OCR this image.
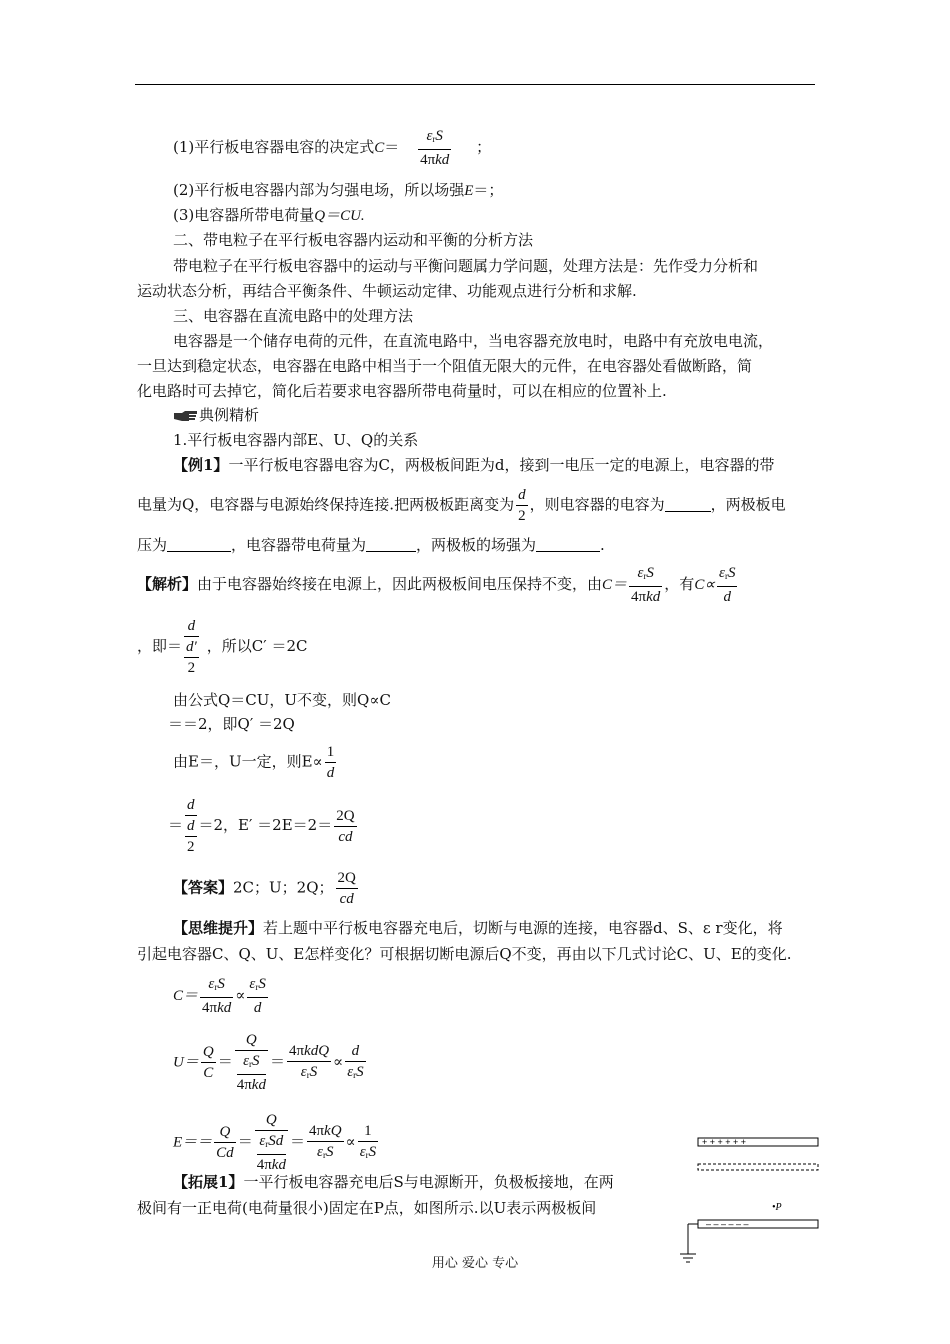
(1)平行板电容器电容的决定式$C= \frac{\varepsilon_rS}{\text{4πkd}}$ ；
(2)平行板电容器内部为匀强电场，所以场强E＝；
(3)电容器所带电荷量Q＝CU.
二、带电粒子在平行板电容器内运动和平衡的分析方法
带电粒子在平行板电容器中的运动与平衡问题属力学问题，处理方法是：先作受力分析和
运动状态分析，再结合平衡条件、牛顿运动定律、功能观点进行分析和求解.
三、电容器在直流电路中的处理方法
电容器是一个储存电荷的元件，在直流电路中，当电容器充放电时，电路中有充放电电流，
一旦达到稳定状态，电容器在电路中相当于一个阻值无限大的元件，在电容器处看做断路，简
化电路时可去掉它，简化后若要求电容器所带电荷量时，可以在相应的位置补上.
典例精析
1.平行板电容器内部E、U、Q的关系
【例1】一平行板电容器电容为C，两极板间距为d，接到一电压一定的电源上，电容器的带
电量为Q，电容器与电源始终保持连接.把两极板距离变为 $\frac{d}{2}$ ，则电容器的电容为	，两极板电
压为	，电容器带电荷量为	，两极板的场强为	.
【解析】由于电容器始终接在电源上，因此两极板间电压保持不变，由$C= \frac{\varepsilon_rS}{\text{4πkd}}$ ，有$C\propto \frac{\varepsilon_rS}{d}$
，即＝
d
d′
2
，所以C′ ＝2C
由公式Q＝CU，U不变，则Q∝C
＝＝2，即Q′ ＝2Q
由E＝，U一定，则$E\propto \frac{1}{d}$
＝
d
d
2
＝2，$E' =2E=2= \frac{2Q}{cd}$
【答案】2C；U；2Q； $\frac{2Q}{cd}$
【思维提升】若上题中平行板电容器充电后，切断与电源的连接，电容器d、S、ε r变化，将
引起电容器C、Q、U、E怎样变化？可根据切断电源后Q不变，再由以下几式讨论C、U、E的变化.
$C= \frac{\varepsilon_rS}{\text{4πkd}} \propto \frac{\varepsilon_rS}{d}$
$U= \frac{Q}{C} = \frac{Q}{\frac{\varepsilon_rS}{\text{4πkd}}} = \frac{\text{4πkdQ}}{\varepsilon_rS} \propto \frac{d}{\varepsilon_rS}$
$E== \frac{Q}{Cd} = \frac{Q}{\frac{\varepsilon_rSd}{\text{4πkd}}} = \frac{\text{4πkQ}}{\varepsilon_rS} \propto \frac{1}{\varepsilon_rS}$
【拓展1】一平行板电容器充电后S与电源断开，负极板接地，在两
极间有一正电荷(电荷量很小)固定在P点，如图所示.以U表示两极板间
+ + + + + +
•P
– – – – – –
用心 爱心 专心
